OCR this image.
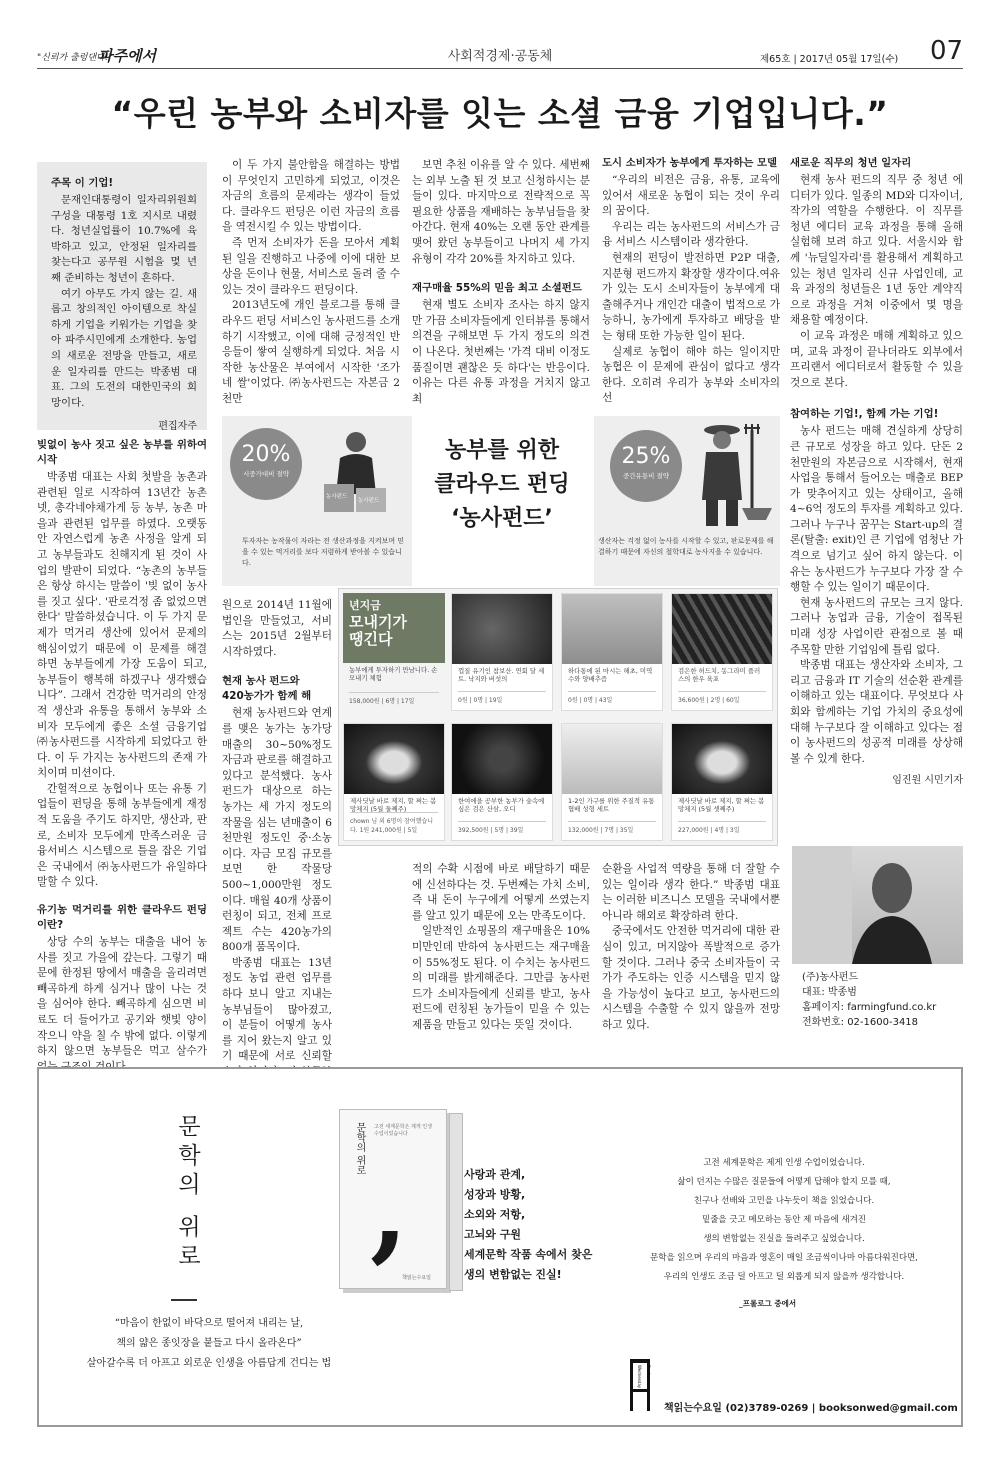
"신뢰가 출렁댄다!"
파주에서	사회적경제·공동체	제65호 | 2017년 05월 17일(수) 07
“우린 농부와 소비자를 잇는 소셜 금융 기업입니다.”
주목 이 기업!

문재인대통령이 일자리위원회 구성을 대통령 1호 지시로 내렸다. 청년실업률이 10.7%에 육박하고 있고, 안정된 일자리를 찾는다고 공무원 시험을 몇 년 째 준비하는 청년이 흔하다.

여기 아무도 가지 않는 길. 새롭고 창의적인 아이템으로 착실하게 기업을 키워가는 기업을 찾아 파주시민에게 소개한다. 농업의 새로운 전망을 만들고, 새로운 일자리를 만드는 박종범 대표. 그의 도전의 대한민국의 희망이다.

편집자주
빚없이 농사 짓고 싶은 농부를 위하여 시작

박종범 대표는 사회 첫발을 농촌과 관련된 일로 시작하여 13년간 농촌넷, 총각네야채가게 등 농부, 농촌 마을과 관련된 업무를 하였다. 오랫동안 자연스럽게 농촌 사정을 알게 되고 농부들과도 친해지게 된 것이 사업의 발판이 되었다. “농촌의 농부들은 항상 하시는 말씀이 '빚 없이 농사를 짓고 싶다'. '판로걱정 좀 없었으면 한다' 말씀하셨습니다. 이 두 가지 문제가 먹거리 생산에 있어서 문제의 핵심이었기 때문에 이 문제를 해결 하면 농부들에게 가장 도움이 되고, 농부들이 행복해 하겠구나 생각했습니다”. 그래서 건강한 먹거리의 안정적 생산과 유통을 통해서 농부와 소비자 모두에게 좋은 소셜 금융기업 ㈜농사펀드를 시작하게 되었다고 한다. 이 두 가지는 농사펀드의 존재 가치이며 미션이다.

간헐적으로 농협이나 또는 유통 기업들이 펀딩을 통해 농부들에게 재정적 도움을 주기도 하지만, 생산과, 판로, 소비자 모두에게 만족스러운 금융서비스 시스템으로 틀을 잡은 기업은 국내에서 ㈜농사펀드가 유일하다 말할 수 있다.

유기농 먹거리를 위한 클라우드 펀딩이란?

상당 수의 농부는 대출을 내어 농사를 짓고 가을에 갚는다. 그렇기 때문에 한정된 땅에서 매출을 올리려면 빼곡하게 하게 심거나 많이 나는 것을 심어야 한다. 빼곡하게 심으면 비료도 더 들어가고 공기와 햇빛 양이 작으니 약을 칠 수 밖에 없다. 이렇게 하지 않으면 농부들은 먹고 살수가

이 두 가지 불안함을 해결하는 방법이 무엇인지 고민하게 되었고, 이것은 자금의 흐름의 문제라는 생각이 들었다. 클라우드 펀딩은 이런 자금의 흐름을 역전시킬 수 있는 방법이다.

즉 먼저 소비자가 돈을 모아서 계획된 일을 진행하고 나중에 이에 대한 보상을 돈이나 현물, 서비스로 돌려 줄 수 있는 것이 클라우드 펀딩이다.

2013년도에 개인 블로그를 통해 클라우드 펀딩 서비스인 농사펀드를 소개하기 시작했고, 이에 대해 긍정적인 반응들이 쌓여 실행하게 되었다. 처음 시작한 농산물은 부여에서 시작한 '조가네 쌀'이었다. ㈜농사펀드는 자본금 2천만

보면 추천 이유를 알 수 있다. 세번째는 외부 노출 된 것 보고 신청하시는 분들이 있다. 마지막으로 전략적으로 꼭 필요한 상품을 재배하는 농부님들을 찾아간다. 현재 40%는 오랜 동안 관계를 맺어 왔던 농부들이고 나머지 세 가지 유형이 각각 20%를 차지하고 있다.

재구매율 55%의 믿음 최고 소셜펀드

현재 별도 소비자 조사는 하지 않지만 가끔 소비자들에게 인터뷰를 통해서 의견을 구해보면 두 가지 정도의 의견이 나온다. 첫번째는 '가격 대비 이정도 품질이면 괜찮은 듯 하다'는 반응이다. 이유는 다른 유통 과정을 거치지 않고 최

도시 소비자가 농부에게 투자하는 모델

“우리의 비전은 금융, 유통, 교육에 있어서 새로운 농협이 되는 것이 우리의 꿈이다.

우리는 리는 농사펀드의 서비스가 금융 서비스 시스템이라 생각한다.

현재의 펀딩이 발전하면 P2P 대출, 지분형 펀드까지 확장할 생각이다.여유가 있는 도시 소비자들이 농부에게 대출해주거나 개인간 대출이 법적으로 가능하니, 농가에게 투자하고 배당을 받는 형태 또한 가능한 일이 된다.

실제로 농협이 해야 하는 일이지만 농협은 이 문제에 관심이 없다고 생각한다. 오히려 우리가 농부와 소비자의 선

새로운 직무의 청년 일자리

현재 농사 펀드의 직무 중 청년 에디터가 있다. 일종의 MD와 디자이너, 작가의 역할을 수행한다. 이 직무를 청년 에디터 교육 과정을 통해 올해 실험해 보려 하고 있다. 서울시와 함께 '뉴딜일자리'를 활용해서 계획하고 있는 청년 일자리 신규 사업인데, 교육 과정의 청년들은 1년 동안 계약직으로 과정을 거쳐 이중에서 몇 명을 채용할 예정이다.

이 교육 과정은 매해 계획하고 있으며, 교육 과정이 끝나더라도 외부에서 프리랜서 에디터로서 활동할 수 있을 것으로 본다.

참여하는 기업!, 함께 가는 기업!

농사 펀드는 매해 견실하게 상당히 큰 규모로 성장을 하고 있다. 단돈 2천만원의 자본금으로 시작해서, 현재 사업을 통해서 들어오는 매출로 BEP가 맞추어지고 있는 상태이고, 올해 4~6억 정도의 투자를 계획하고 있다. 그러나 누구나 꿈꾸는 Start-up의 결론(탈출: exit)인 큰 기업에 엄청난 가격으로 넘기고 싶어 하지 않는다. 이유는 농사펀드가 누구보다 가장 잘 수행할 수 있는 일이기 때문이다.

현재 농사펀드의 규모는 크지 않다. 그러나 농업과 금융, 기술이 접목된 미래 성장 사업이란 관점으로 볼 때 주목할 만한 기업임에 틀림 없다.

박종범 대표는 생산자와 소비자, 그리고 금융과 IT 기술의 선순환 관계를 이해하고 있는 대표이다. 무엇보다 사회와 함께하는 기업 가치의 중요성에 대해 누구보다 잘 이해하고 있다는 점이 농사펀드의 성공적 미래를 상상해볼 수 있게 한다.

임진원 시민기자
20%
시중가대비 절약
농사펀드
농사펀드
투자자는 농작물이 자라는 전 생산과정을 지켜보며 믿을 수 있는 먹거리를 보다 저렴하게 받아볼 수 있습니다.
농부를 위한
클라우드 펀딩
‘농사펀드’
25%
중간유통비 절약
생산자는 걱정 없이 농사를 시작할 수 있고, 판로문제를 해결하기 때문에 자신의 철학대로 농사지을 수 있습니다.

원으로 2014년 11월에 법인을 만들었고, 서비스는 2015년 2월부터 시작하였다.

현재 농사 펀드와
420농가가 함께 해

현재 농사펀드와 연계를 맺은 농가는 농가당 매출의 30~50%정도 자금과 판로를 해결하고 있다고 분석했다. 농사펀드가 대상으로 하는 농가는 세 가지 정도의 작물을 심는 년매출이 6천만원 정도인 중·소농이다. 자금 모집 규모를 보면 한 작물당 500~1,000만원 정도이다. 매월 40개 상품이 런칭이 되고, 전체 프로젝트 수는 420농가의 800개 품목이다.

박종범 대표는 13년 정도 농업 관련 업무를 하다 보니 알고 지내는 농부님들이 많아졌고, 이 분들이 어떻게 농사를 지어 왔는지 알고 있기 때문에 서로 신뢰할

년지금
모내기가
땡긴다
농부에게 투자하기 만남니다. 손 모내기 체험
158,000원 | 6명 | 17일
껍질 유기인 참보산. 연회 달 세트. 낙지와 버섯의
0원 | 0명 | 19일
하다통에 된 마시는 해초, 미역수와 양배추즙
0원 | 0명 | 43일
검은한 허드치, 동그라미 플러스의 한우 육포
36,600원 | 2명 | 60일
제사딧날 바로 제지, 할 쩌는 봄망체지 (5월 둘째주)
chown 님 외 6명이 참여했습니다. 1원 241,000원 | 5일
한여에을 공부한 농부가 숲속에 심은 검은 산삼, 오디
392,500원 | 5명 | 39일
1-2인 가구를 위한 주질적 유통 협배 성형 세트
132,000원 | 7명 | 35일
제사딧날 바로 제지, 할 쩌는 봄망체지 (5월 셋째주)
227,000원 | 4명 | 3일

적의 수확 시점에 바로 배달하기 때문에 신선하다는 것. 두번째는 가치 소비, 즉 내 돈이 누구에게 어떻게 쓰였는지를 알고 있기 때문에 오는 만족도이다.

일반적인 쇼핑몰의 재구매율은 10% 미만인데 반하여 농사펀드는 재구매율이 55%정도 된다. 이 수치는 농사펀드의 미래를 밝게해준다. 그만큼 농사펀드가 소비자들에게 신뢰를 받고, 농사펀드에 런칭된 농가들이 믿을 수 있는 제품을 만들고 있다는 뜻일 것이다.

순환을 사업적 역량을 통해 더 잘할 수 있는 일이라 생각 한다.” 박종범 대표는 이러한 비즈니스 모델을 국내에서뿐 아니라 해외로 확장하려 한다.

중국에서도 안전한 먹거리에 대한 관심이 있고, 머지않아 폭발적으로 증가할 것이다. 그러나 중국 소비자들이 국가가 주도하는 인증 시스템을 믿지 않을 가능성이 높다고 보고, 농사펀드의 시스템을 수출할 수 있지 않을까 전망하고 있다.

(주)농사펀드
대표: 박종범
홈페이지: farmingfund.co.kr
전화번호: 02-1600-3418
문학의 위로
“마음이 한없이 바닥으로 떨어져 내리는 날,
책의 얇은 종잇장을 붙들고 다시 올라온다”
살아갈수록 더 아프고 외로운 인생을 아름답게 건디는 법
문학의 위로	고전 세계문학은 제게 인생 수업이었습니다
,
책읽는수요일
사랑과 관계,
성장과 방황,
소외와 저항,
고뇌와 구원
세계문학 작품 속에서 찾은
생의 변함없는 진실!
고전 세계문학은 제게 인생 수업이었습니다.
삶이 던지는 수많은 질문들에 어떻게 답해야 할지 모를 때,
친구나 선배와 고민을 나누듯이 책을 읽었습니다.
밑줄을 긋고 메모하는 동안 제 마음에 새겨진
생의 변함없는 진실을 들려주고 싶었습니다.
문학을 읽으며 우리의 마음과 영혼이 매일 조금씩이나마 아름다워진다면,
우리의 인생도 조금 덜 아프고 덜 외롭게 되지 않을까 생각합니다.
_프롤로그 중에서
Books on Wednesday
책읽는수요일 (02)3789-0269 | booksonwed@gmail.com
